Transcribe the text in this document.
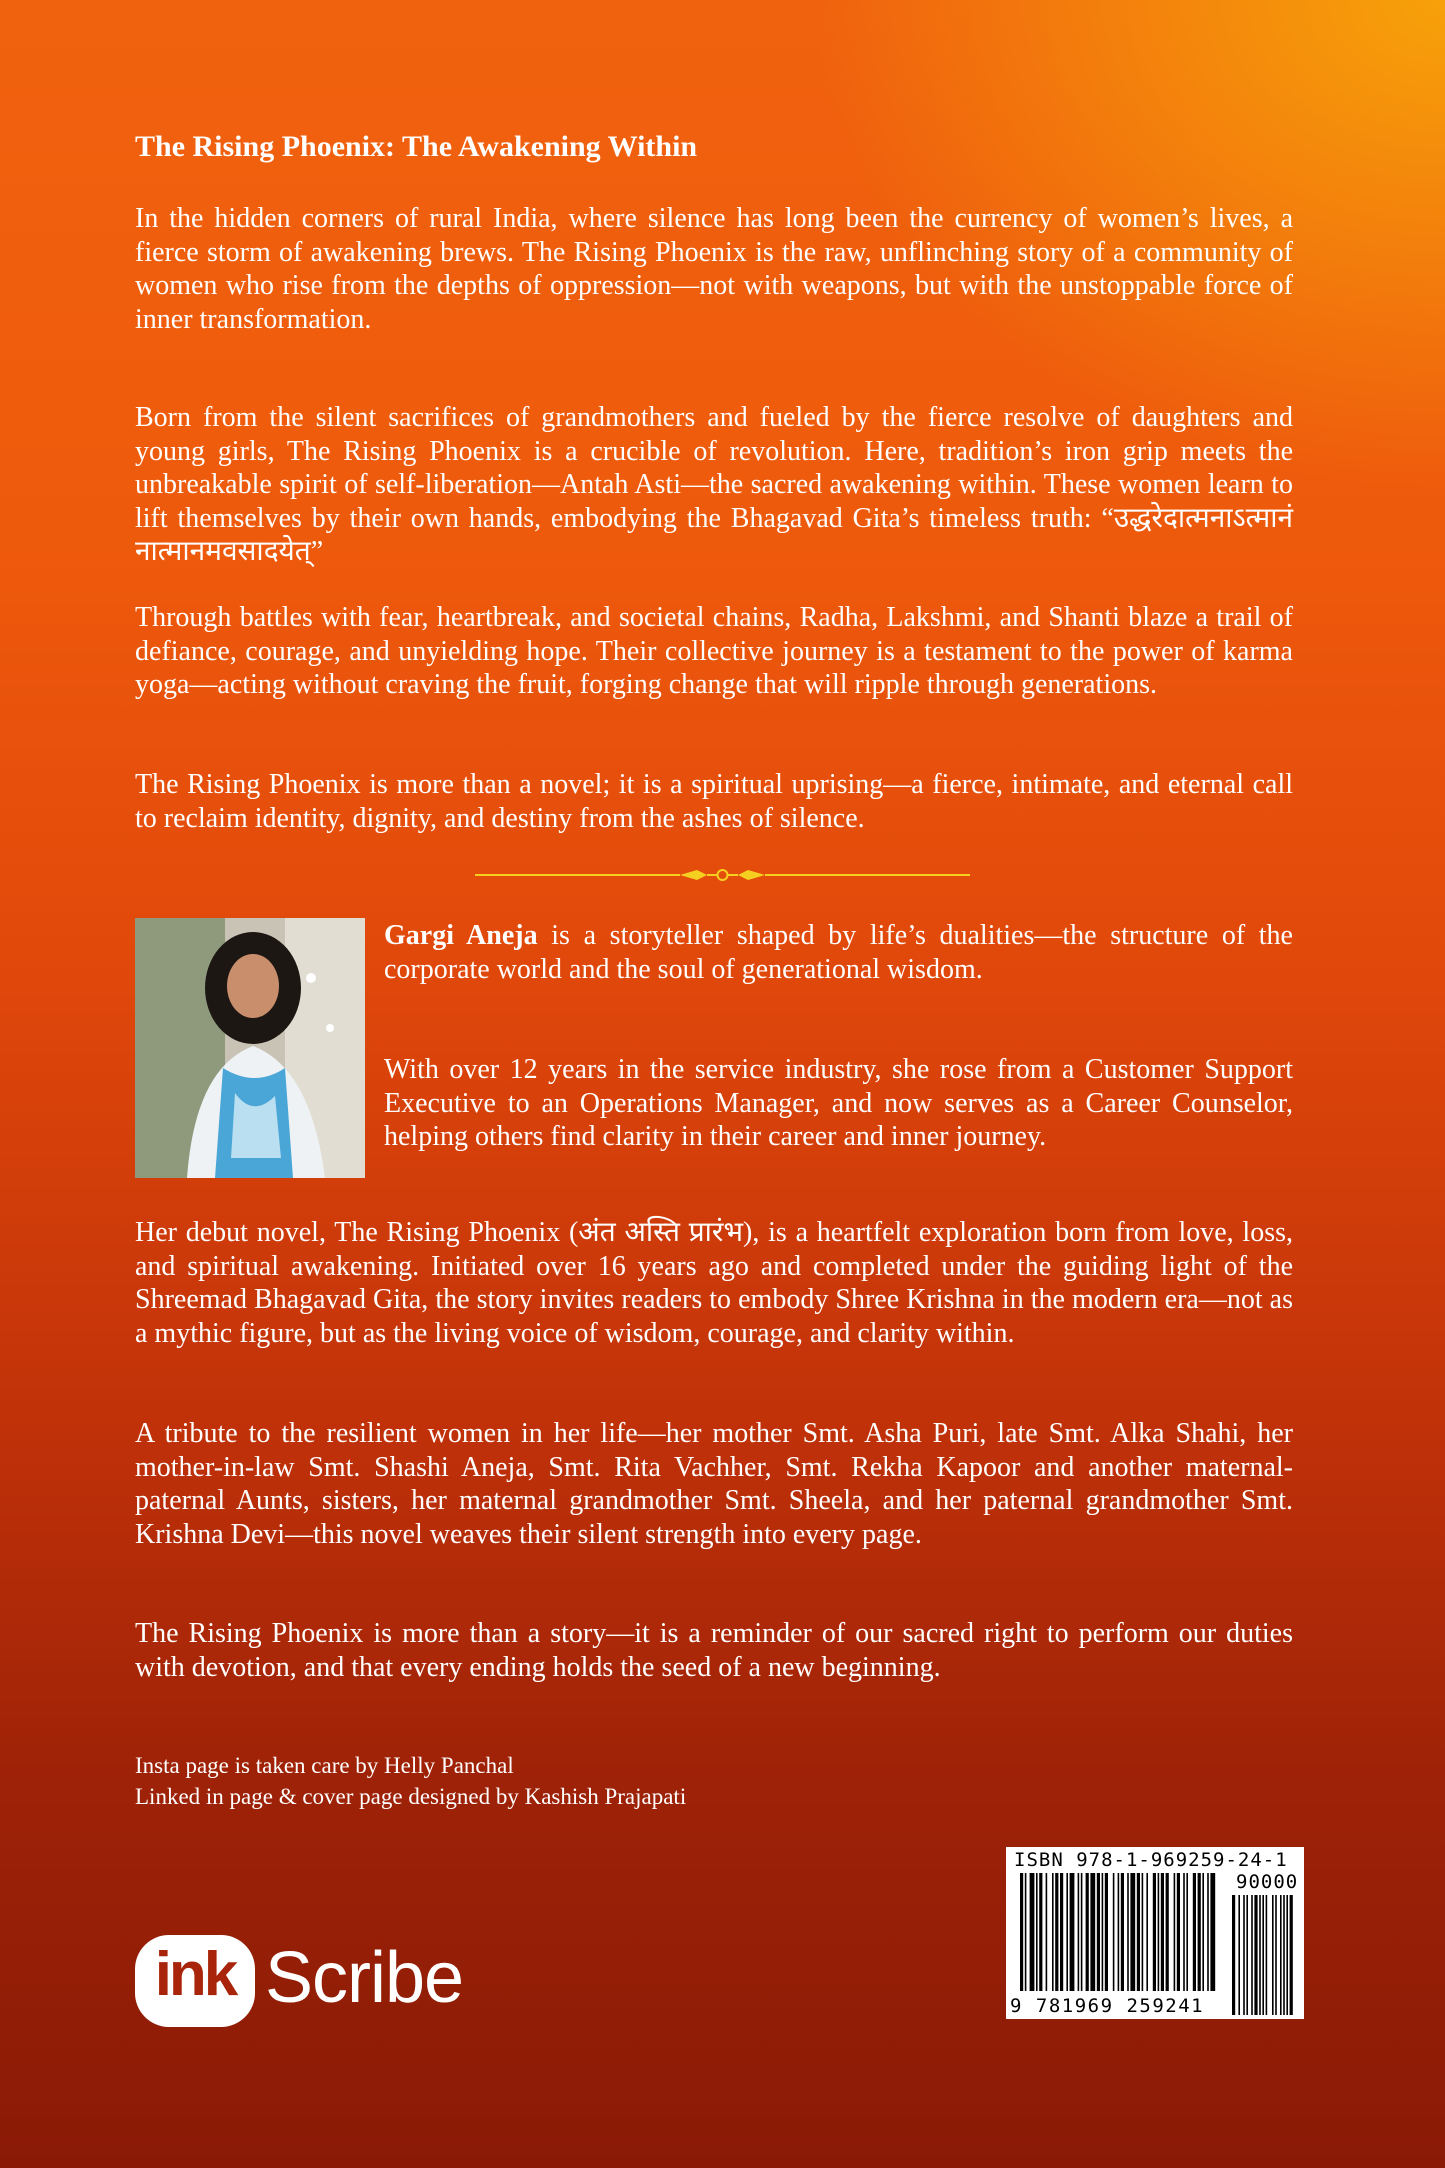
The Rising Phoenix: The Awakening Within

In the hidden corners of rural India, where silence has long been the currency of women’s lives, a fierce storm of awakening brews. The Rising Phoenix is the raw, unflinching story of a community of women who rise from the depths of oppression—not with weapons, but with the unstoppable force of inner transformation.

Born from the silent sacrifices of grandmothers and fueled by the fierce resolve of daughters and young girls, The Rising Phoenix is a crucible of revolution. Here, tradition’s iron grip meets the unbreakable spirit of self-liberation—Antah Asti—the sacred awakening within. These women learn to lift themselves by their own hands, embodying the Bhagavad Gita’s timeless truth: “उद्धरेदात्मनाऽत्मानं नात्मानमवसादयेत्”

Through battles with fear, heartbreak, and societal chains, Radha, Lakshmi, and Shanti blaze a trail of defiance, courage, and unyielding hope. Their collective journey is a testament to the power of karma yoga—acting without craving the fruit, forging change that will ripple through generations.

The Rising Phoenix is more than a novel; it is a spiritual uprising—a fierce, intimate, and eternal call to reclaim identity, dignity, and destiny from the ashes of silence.

Gargi Aneja is a storyteller shaped by life’s dualities—the structure of the corporate world and the soul of generational wisdom.

With over 12 years in the service industry, she rose from a Customer Support Executive to an Operations Manager, and now serves as a Career Counselor, helping others find clarity in their career and inner journey.

Her debut novel, The Rising Phoenix (अंत अस्ति प्रारंभ), is a heartfelt exploration born from love, loss, and spiritual awakening. Initiated over 16 years ago and completed under the guiding light of the Shreemad Bhagavad Gita, the story invites readers to embody Shree Krishna in the modern era—not as a mythic figure, but as the living voice of wisdom, courage, and clarity within.

A tribute to the resilient women in her life—her mother Smt. Asha Puri, late Smt. Alka Shahi, her mother-in-law Smt. Shashi Aneja, Smt. Rita Vachher, Smt. Rekha Kapoor and another maternal- paternal Aunts, sisters, her maternal grandmother Smt. Sheela, and her paternal grandmother Smt. Krishna Devi—this novel weaves their silent strength into every page.

The Rising Phoenix is more than a story—it is a reminder of our sacred right to perform our duties with devotion, and that every ending holds the seed of a new beginning.

Insta page is taken care by Helly Panchal
Linked in page & cover page designed by Kashish Prajapati
ink Scribe
ISBN 978-1-969259-24-1
90000
9 781969 259241
